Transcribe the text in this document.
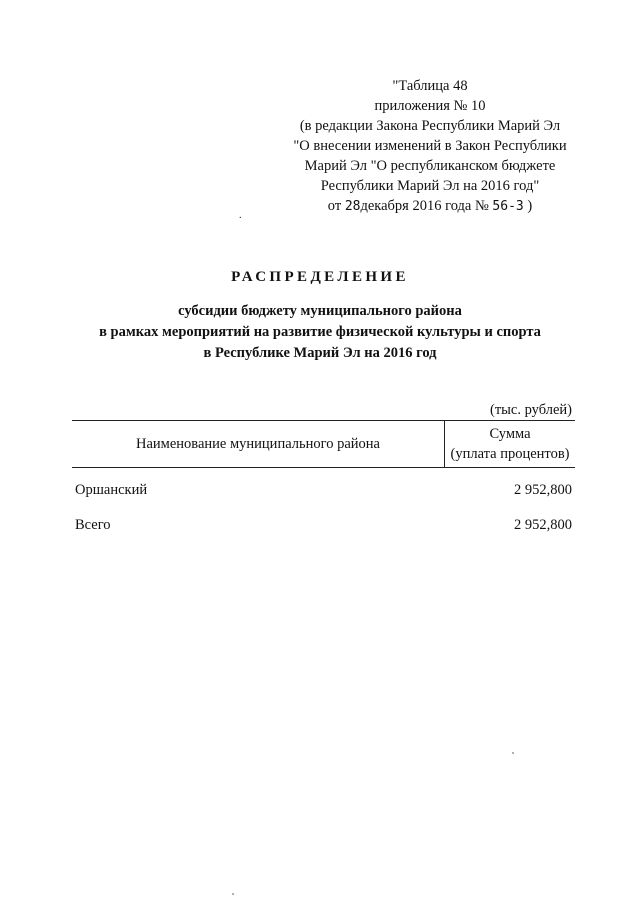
"Таблица 48
приложения № 10
(в редакции Закона Республики Марий Эл
"О внесении изменений в Закон Республики
Марий Эл "О республиканском бюджете
Республики Марий Эл на 2016 год"
от 28декабря 2016 года № 56-З )
.
РАСПРЕДЕЛЕНИЕ
субсидии бюджету муниципального района
в рамках мероприятий на развитие физической культуры и спорта
в Республике Марий Эл на 2016 год
(тыс. рублей)
Наименование муниципального района
Сумма
(уплата процентов)
Оршанский	2 952,800
Всего	2 952,800
